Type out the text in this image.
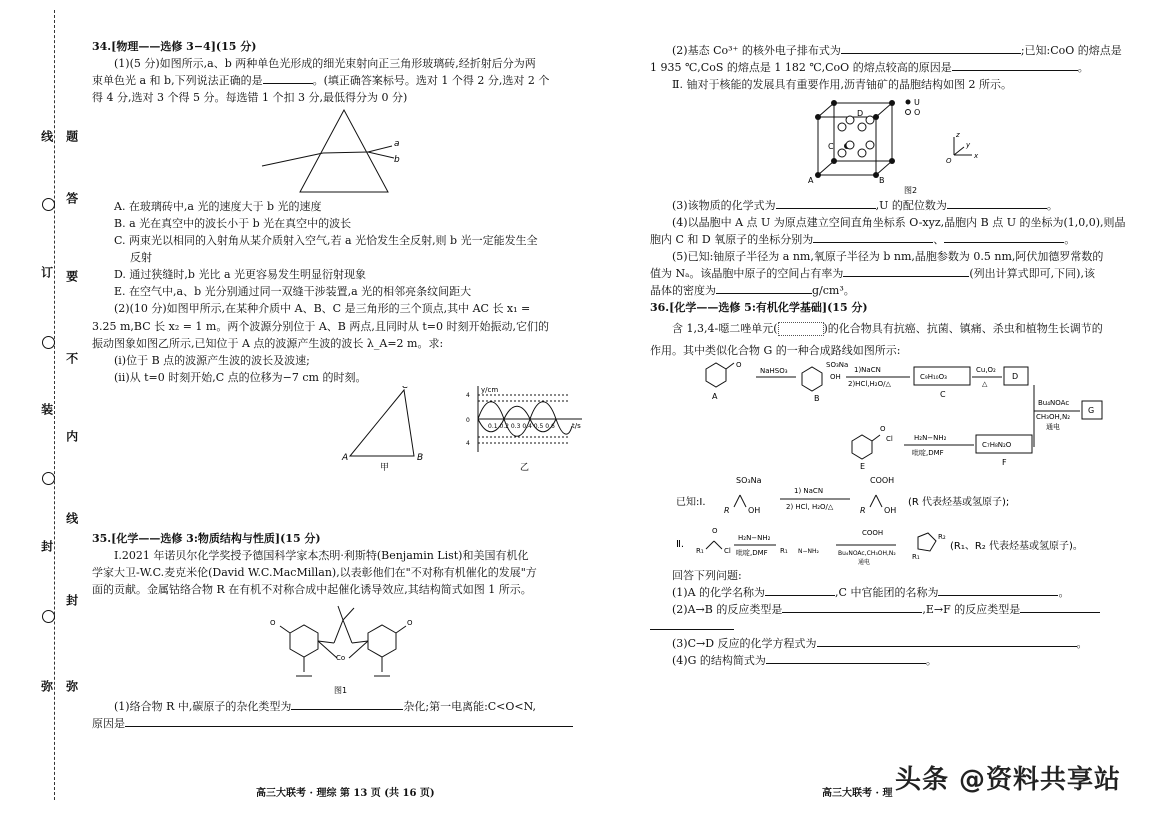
线
订
装
封
弥
题
答
要
不
内
线
封
弥

34.[物理——选修 3−4](15 分)

(1)(5 分)如图所示,a、b 两种单色光形成的细光束射向正三角形玻璃砖,经折射后分为两

束单色光 a 和 b,下列说法正确的是	。(填正确答案标号。选对 1 个得 2 分,选对 2 个

得 4 分,选对 3 个得 5 分。每选错 1 个扣 3 分,最低得分为 0 分)

a
b

A. 在玻璃砖中,a 光的速度大于 b 光的速度

B. a 光在真空中的波长小于 b 光在真空中的波长

C. 两束光以相同的入射角从某介质射入空气,若 a 光恰发生全反射,则 b 光一定能发生全

反射

D. 通过狭缝时,b 光比 a 光更容易发生明显衍射现象

E. 在空气中,a、b 光分别通过同一双缝干涉装置,a 光的相邻亮条纹间距大

(2)(10 分)如图甲所示,在某种介质中 A、B、C 是三角形的三个顶点,其中 AC 长 x₁ =

3.25 m,BC 长 x₂ = 1 m。两个波源分别位于 A、B 两点,且同时从 t=0 时刻开始振动,它们的

振动图象如图乙所示,已知位于 A 点的波源产生波的波长 λ_A=2 m。求:

(ⅰ)位于 B 点的波源产生波的波长及波速;

(ⅱ)从 t=0 时刻开始,C 点的位移为−7 cm 的时刻。

A	B
C
甲
y/cm
t/s
4
0
4
0.1 0.2 0.3 0.4 0.5 0.6
乙

35.[化学——选修 3:物质结构与性质](15 分)

Ⅰ.2021 年诺贝尔化学奖授予德国科学家本杰明·利斯特(Benjamin List)和美国有机化

学家大卫-W.C.麦克米伦(David W.C.MacMillan),以表彰他们在"不对称有机催化的发展"方

面的贡献。金属钴络合物 R 在有机不对称合成中起催化诱导效应,其结构简式如图 1 所示。

O	O
Co
图1

(1)络合物 R 中,碳原子的杂化类型为	杂化;第一电离能:C<O<N,

原因是

高三大联考 · 理综 第 13 页 (共 16 页)

(2)基态 Co³⁺ 的核外电子排布式为	;已知:CoO 的熔点是

1 935 ℃,CoS 的熔点是 1 182 ℃,CoO 的熔点较高的原因是	。

Ⅱ. 铀对于核能的发展具有重要作用,沥青铀矿的晶胞结构如图 2 所示。

A	B
C
D
U
O
z
y
x
O
图2

(3)该物质的化学式为	,U 的配位数为	。

(4)以晶胞中 A 点 U 为原点建立空间直角坐标系 O-xyz,晶胞内 B 点 U 的坐标为(1,0,0),则晶

胞内 C 和 D 氧原子的坐标分别为	、	。

(5)已知:铀原子半径为 a nm,氧原子半径为 b nm,晶胞参数为 0.5 nm,阿伏加德罗常数的

值为 Nₐ。该晶胞中原子的空间占有率为	(列出计算式即可,下同),该

晶体的密度为	g/cm³。

36.[化学——选修 5:有机化学基础](15 分)

含 1,3,4-噁二唑单元(	)的化合物具有抗癌、抗菌、镇痛、杀虫和植物生长调节的

作用。其中类似化合物 G 的一种合成路线如图所示:

O
A
NaHSO₃
SO₃Na
OH
B
1)NaCN
2)HCl,H₂O/△
C₉H₁₀O₃
C
Cu,O₂
△
D
Bu₄NOAc
CH₃OH,N₂
通电
G
O
Cl
E
H₂N−NH₂
吡啶,DMF
C₇H₈N₂O
F
已知:Ⅰ.
SO₃Na
R OH
1) NaCN
2) HCl, H₂O/△
COOH
R OH
(R 代表烃基或氢原子);
Ⅱ.
R₁
O
Cl
H₂N−NH₂
吡啶,DMF R₁ N−NH₂
COOH
Bu₄NOAc,CH₃OH,N₂
通电
R₁
R₂
(R₁、R₂ 代表烃基或氢原子)。

回答下列问题:

(1)A 的化学名称为	,C 中官能团的名称为	。

(2)A→B 的反应类型是	,E→F 的反应类型是

(3)C→D 反应的化学方程式为	。

(4)G 的结构简式为	。

高三大联考 · 理 头条 @资料共享站
